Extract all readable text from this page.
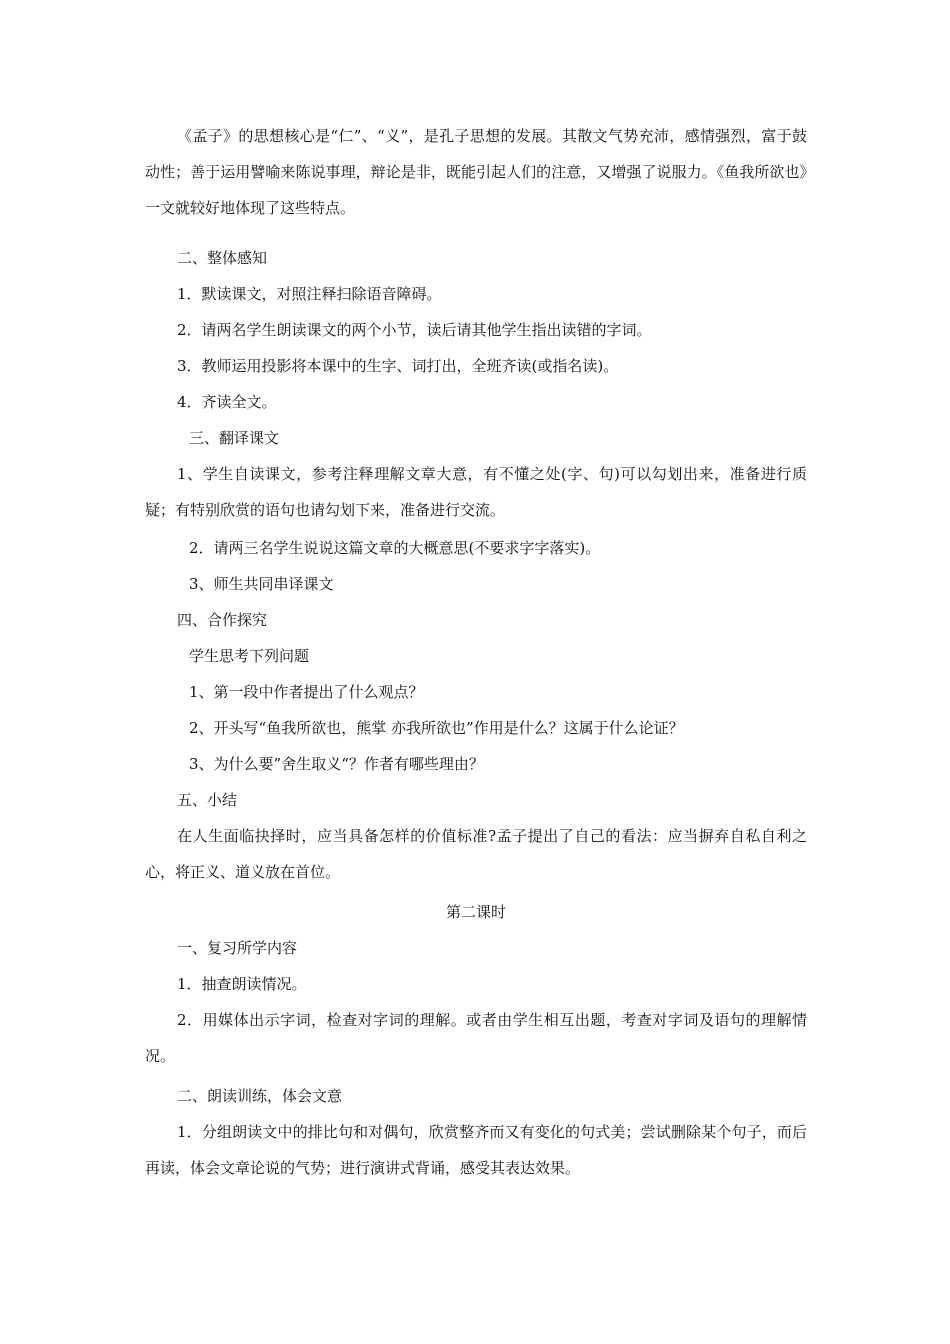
《孟子》的思想核心是“仁”、“义”，是孔子思想的发展。其散文气势充沛，感情强烈，富于鼓动性；善于运用譬喻来陈说事理，辩论是非，既能引起人们的注意，又增强了说服力。《鱼我所欲也》一文就较好地体现了这些特点。

二、整体感知

1．默读课文，对照注释扫除语音障碍。

2．请两名学生朗读课文的两个小节，读后请其他学生指出读错的字词。

3．教师运用投影将本课中的生字、词打出，全班齐读(或指名读)。

4．齐读全文。

三、翻译课文

1、学生自读课文，参考注释理解文章大意，有不懂之处(字、句)可以勾划出来，准备进行质疑；有特别欣赏的语句也请勾划下来，准备进行交流。

2．请两三名学生说说这篇文章的大概意思(不要求字字落实)。

3、师生共同串译课文

四、合作探究

学生思考下列问题

1、第一段中作者提出了什么观点？

2、开头写“鱼我所欲也，熊掌 亦我所欲也”作用是什么？这属于什么论证？

3、为什么要”舍生取义“？作者有哪些理由？

五、小结

在人生面临抉择时，应当具备怎样的价值标准?孟子提出了自己的看法：应当摒弃自私自利之心，将正义、道义放在首位。

第二课时

一、复习所学内容

1．抽查朗读情况。

2．用媒体出示字词，检查对字词的理解。或者由学生相互出题，考查对字词及语句的理解情况。

二、朗读训练，体会文意

1．分组朗读文中的排比句和对偶句，欣赏整齐而又有变化的句式美；尝试删除某个句子，而后再读，体会文章论说的气势；进行演讲式背诵，感受其表达效果。
